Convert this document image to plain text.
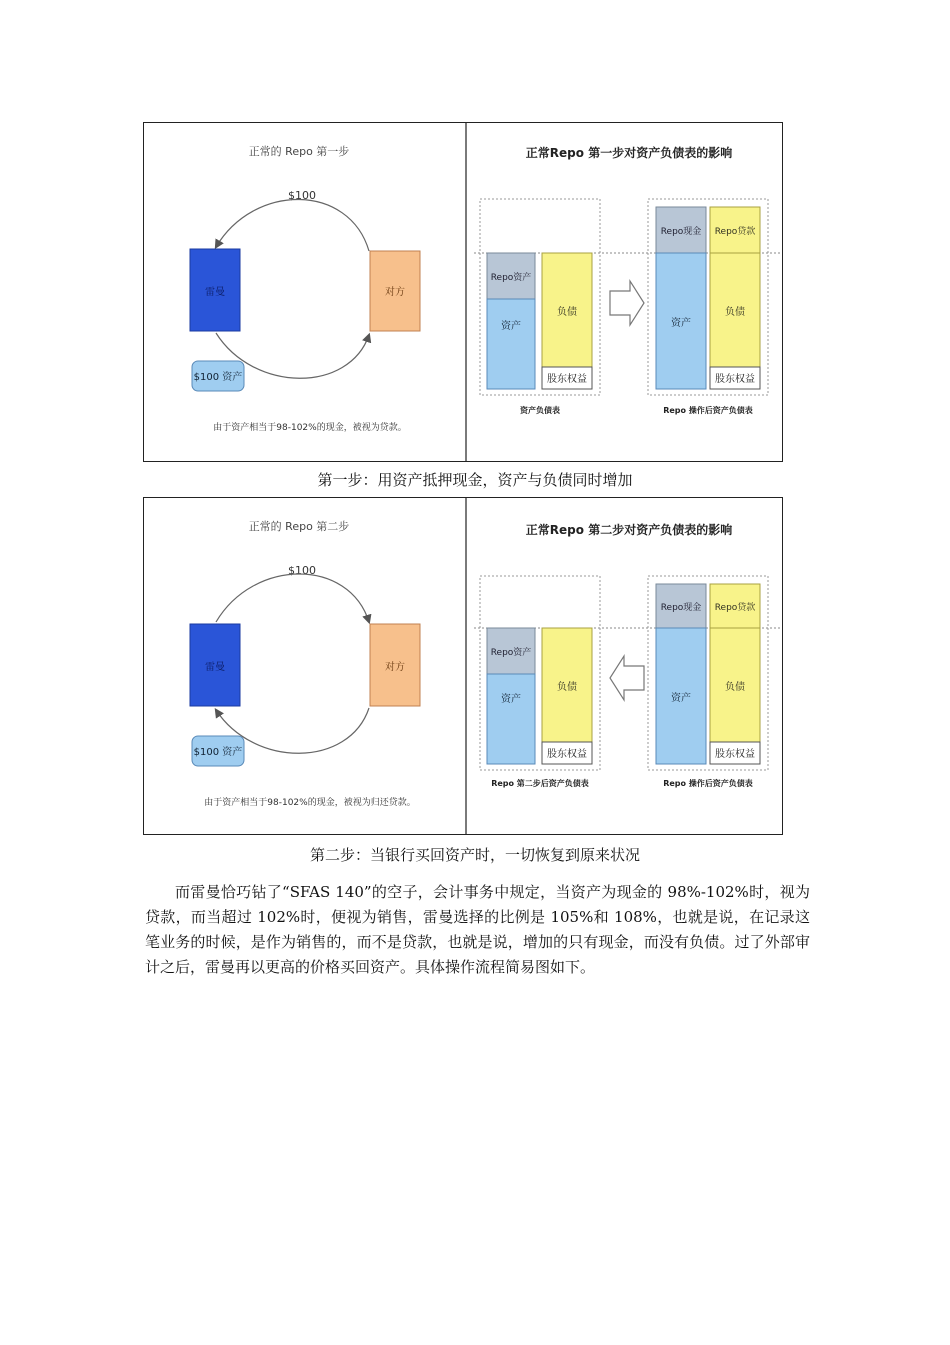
正常的 Repo 第一步
$100
雷曼	对方
$100 资产
由于资产相当于98-102%的现金，被视为贷款。
正常Repo 第一步对资产负债表的影响
Repo资产
资产
负债
股东权益
资产负债表
Repo现金
资产
Repo贷款
负债
股东权益
Repo 操作后资产负债表
第一步：用资产抵押现金，资产与负债同时增加
正常的 Repo 第二步
$100
雷曼	对方
$100 资产
由于资产相当于98-102%的现金，被视为归还贷款。
正常Repo 第二步对资产负债表的影响
Repo资产
资产
负债
股东权益
Repo 第二步后资产负债表
Repo现金
资产
Repo贷款
负债
股东权益
Repo 操作后资产负债表
第二步：当银行买回资产时，一切恢复到原来状况

而雷曼恰巧钻了“SFAS 140”的空子，会计事务中规定，当资产为现金的 98%-102%时，视为贷款，而当超过 102%时，便视为销售，雷曼选择的比例是 105%和 108%，也就是说，在记录这笔业务的时候，是作为销售的，而不是贷款，也就是说，增加的只有现金，而没有负债。过了外部审计之后，雷曼再以更高的价格买回资产。具体操作流程简易图如下。
